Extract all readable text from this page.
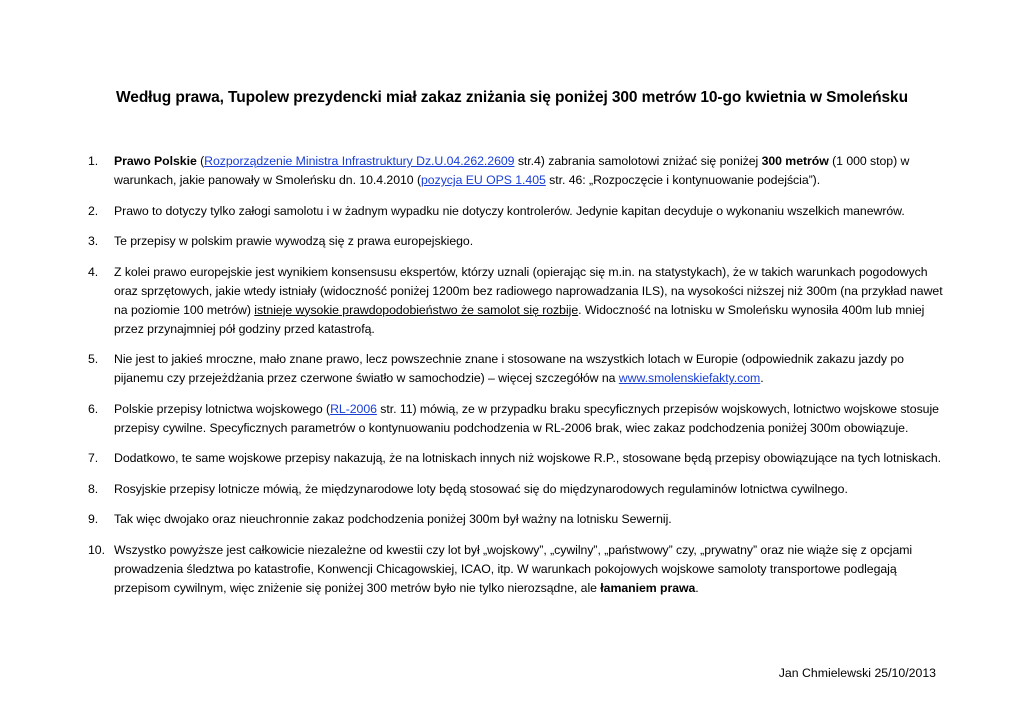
Według prawa, Tupolew prezydencki miał zakaz zniżania się poniżej 300 metrów 10-go kwietnia w Smoleńsku
1. Prawo Polskie (Rozporządzenie Ministra Infrastruktury Dz.U.04.262.2609 str.4) zabrania samolotowi zniżać się poniżej 300 metrów (1 000 stop) w warunkach, jakie panowały w Smoleńsku dn. 10.4.2010 (pozycja EU OPS 1.405 str. 46: „Rozpoczęcie i kontynuowanie podejścia”).
2. Prawo to dotyczy tylko załogi samolotu i w żadnym wypadku nie dotyczy kontrolerów. Jedynie kapitan decyduje o wykonaniu wszelkich manewrów.
3. Te przepisy w polskim prawie wywodzą się z prawa europejskiego.
4. Z kolei prawo europejskie jest wynikiem konsensusu ekspertów, którzy uznali (opierając się m.in. na statystykach), że w takich warunkach pogodowych oraz sprzętowych, jakie wtedy istniały (widoczność poniżej 1200m bez radiowego naprowadzania ILS), na wysokości niższej niż 300m (na przykład nawet na poziomie 100 metrów) istnieje wysokie prawdopodobieństwo że samolot się rozbije. Widoczność na lotnisku w Smoleńsku wynosiła 400m lub mniej przez przynajmniej pół godziny przed katastrofą.
5. Nie jest to jakieś mroczne, mało znane prawo, lecz powszechnie znane i stosowane na wszystkich lotach w Europie (odpowiednik zakazu jazdy po pijanemu czy przejeżdżania przez czerwone światło w samochodzie) – więcej szczegółów na www.smolenskiefakty.com.
6. Polskie przepisy lotnictwa wojskowego (RL-2006 str. 11) mówią, ze w przypadku braku specyficznych przepisów wojskowych, lotnictwo wojskowe stosuje przepisy cywilne. Specyficznych parametrów o kontynuowaniu podchodzenia w RL-2006 brak, wiec zakaz podchodzenia poniżej 300m obowiązuje.
7. Dodatkowo, te same wojskowe przepisy nakazują, że na lotniskach innych niż wojskowe R.P., stosowane będą przepisy obowiązujące na tych lotniskach.
8. Rosyjskie przepisy lotnicze mówią, że międzynarodowe loty będą stosować się do międzynarodowych regulaminów lotnictwa cywilnego.
9. Tak więc dwojako oraz nieuchronnie zakaz podchodzenia poniżej 300m był ważny na lotnisku Sewernij.
10. Wszystko powyższe jest całkowicie niezależne od kwestii czy lot był „wojskowy”, „cywilny”, „państwowy” czy, „prywatny” oraz nie wiąże się z opcjami prowadzenia śledztwa po katastrofie, Konwencji Chicagowskiej, ICAO, itp. W warunkach pokojowych wojskowe samoloty transportowe podlegają przepisom cywilnym, więc zniżenie się poniżej 300 metrów było nie tylko nierozsądne, ale łamaniem prawa.
Jan Chmielewski 25/10/2013
